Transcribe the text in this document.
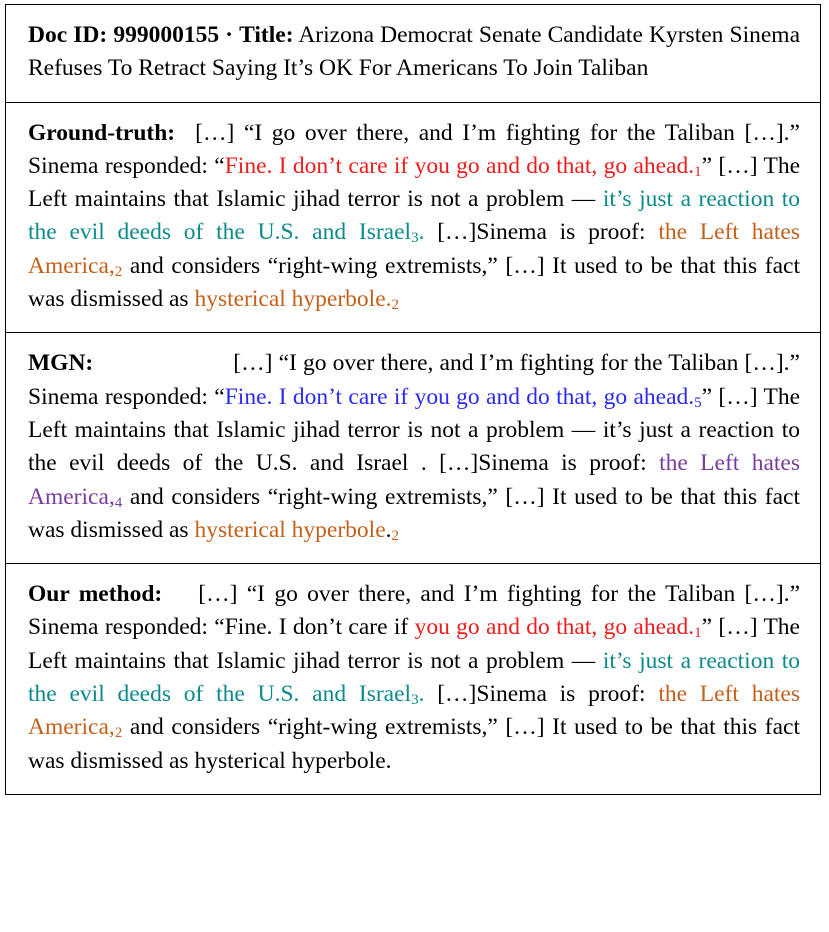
Doc ID: 999000155 · Title: Arizona Democrat Senate Candidate Kyrsten Sinema Refuses To Retract Saying It’s OK For Americans To Join Taliban
Ground-truth: […] “I go over there, and I’m fighting for the Taliban […].” Sinema responded: “Fine. I don’t care if you go and do that, go $ahead._1$” […] The Left maintains that Islamic jihad terror is not a problem — it’s just a reaction to the evil deeds of the U.S. and Israel$_3$. […]Sinema is proof: the Left hates $America,_2$ and considers “right-wing extremists,” […] It used to be that this fact was dismissed as hysterical $hyperbole._2$
MGN:	[…] “I go over there, and I’m fighting for the Taliban […].” Sinema responded: “Fine. I don’t care if you go and do that, go $ahead._5$” […] The Left maintains that Islamic jihad terror is not a problem — it’s just a reaction to the evil deeds of the U.S. and Israel . […]Sinema is proof: the Left hates $America,_4$ and considers “right-wing extremists,” […] It used to be that this fact was dismissed as hysterical $hyperbole._2$
Our method: […] “I go over there, and I’m fighting for the Taliban […].” Sinema responded: “Fine. I don’t care if you go and do that, go $ahead._1$” […] The Left maintains that Islamic jihad terror is not a problem — it’s just a reaction to the evil deeds of the U.S. and Israel$_3$. […]Sinema is proof: the Left hates $America,_2$ and considers “right-wing extremists,” […] It used to be that this fact was dismissed as hysterical hyperbole.
